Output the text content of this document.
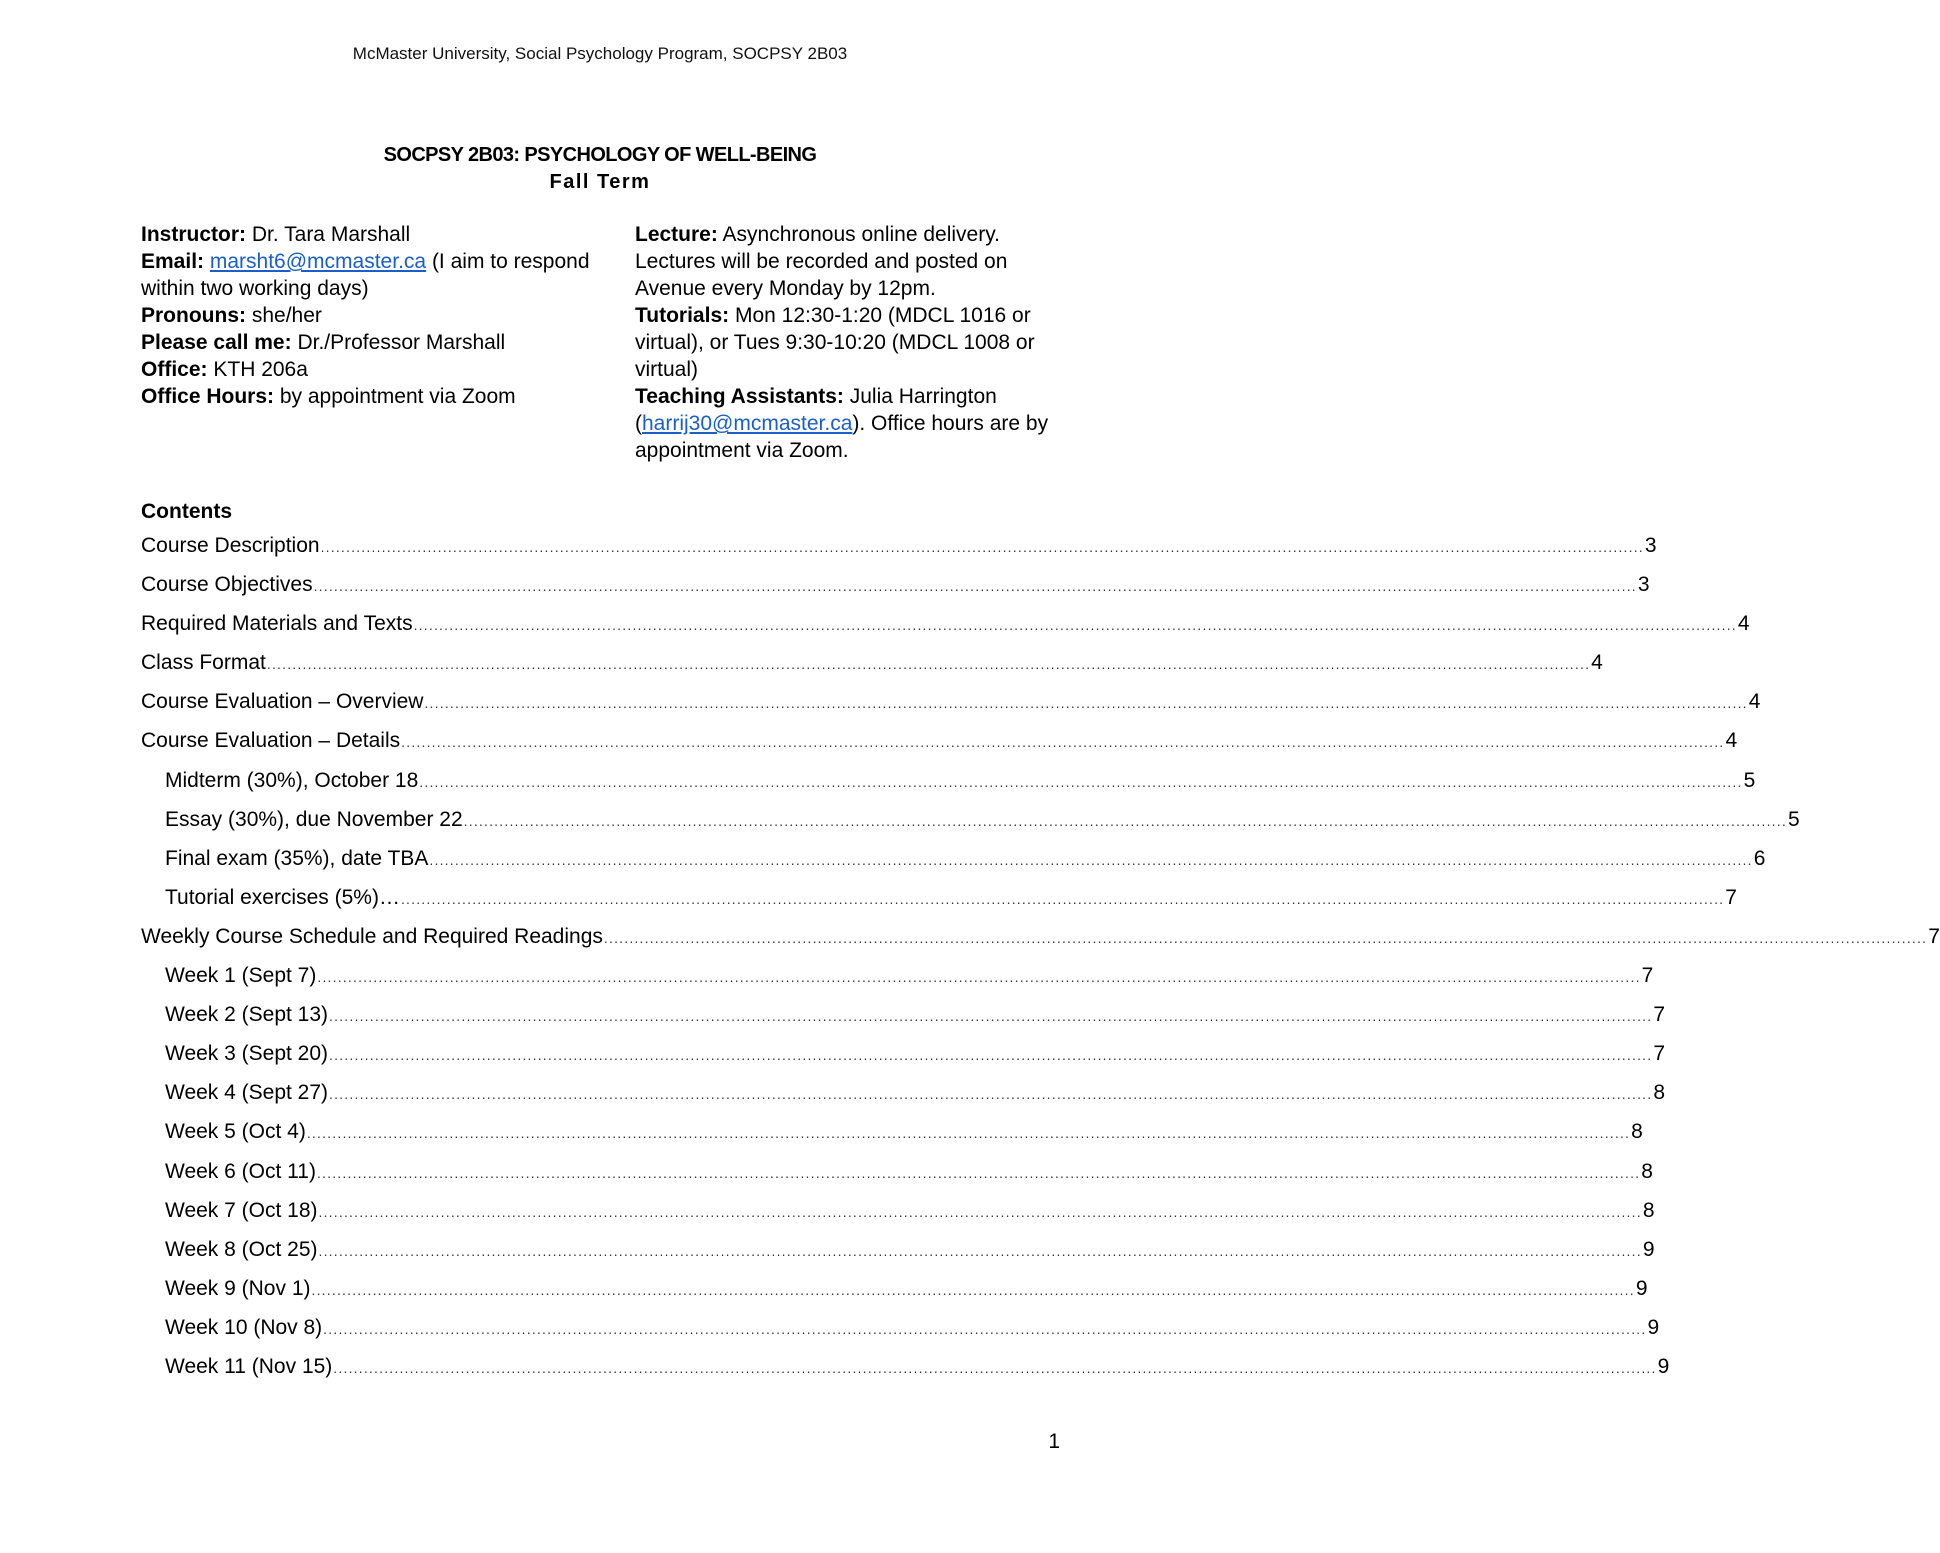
McMaster University, Social Psychology Program, SOCPSY 2B03
SOCPSY 2B03: PSYCHOLOGY OF WELL-BEING
Fall Term

Instructor: Dr. Tara Marshall

Email: marsht6@mcmaster.ca (I aim to respond within two working days)

Pronouns: she/her

Please call me: Dr./Professor Marshall

Office: KTH 206a

Office Hours: by appointment via Zoom

Lecture: Asynchronous online delivery. Lectures will be recorded and posted on Avenue every Monday by 12pm.

Tutorials: Mon 12:30-1:20 (MDCL 1016 or virtual), or Tues 9:30-10:20 (MDCL 1008 or virtual)

Teaching Assistants: Julia Harrington (harrij30@mcmaster.ca). Office hours are by appointment via Zoom.

Contents
Course Description .................................................................................................................................................................................................................................................................... 3
Course Objectives .................................................................................................................................................................................................................................................................... 3
Required Materials and Texts .................................................................................................................................................................................................................................................................... 4
Class Format .................................................................................................................................................................................................................................................................... 4
Course Evaluation – Overview .................................................................................................................................................................................................................................................................... 4
Course Evaluation – Details .................................................................................................................................................................................................................................................................... 4
Midterm (30%), October 18 .................................................................................................................................................................................................................................................................... 5
Essay (30%), due November 22 .................................................................................................................................................................................................................................................................... 5
Final exam (35%), date TBA .................................................................................................................................................................................................................................................................... 6
Tutorial exercises (5%)… .................................................................................................................................................................................................................................................................... 7
Weekly Course Schedule and Required Readings .................................................................................................................................................................................................................................................................... 7
Week 1 (Sept 7) .................................................................................................................................................................................................................................................................... 7
Week 2 (Sept 13) .................................................................................................................................................................................................................................................................... 7
Week 3 (Sept 20) .................................................................................................................................................................................................................................................................... 7
Week 4 (Sept 27) .................................................................................................................................................................................................................................................................... 8
Week 5 (Oct 4) .................................................................................................................................................................................................................................................................... 8
Week 6 (Oct 11) .................................................................................................................................................................................................................................................................... 8
Week 7 (Oct 18) .................................................................................................................................................................................................................................................................... 8
Week 8 (Oct 25) .................................................................................................................................................................................................................................................................... 9
Week 9 (Nov 1) .................................................................................................................................................................................................................................................................... 9
Week 10 (Nov 8) .................................................................................................................................................................................................................................................................... 9
Week 11 (Nov 15) .................................................................................................................................................................................................................................................................... 9
1
